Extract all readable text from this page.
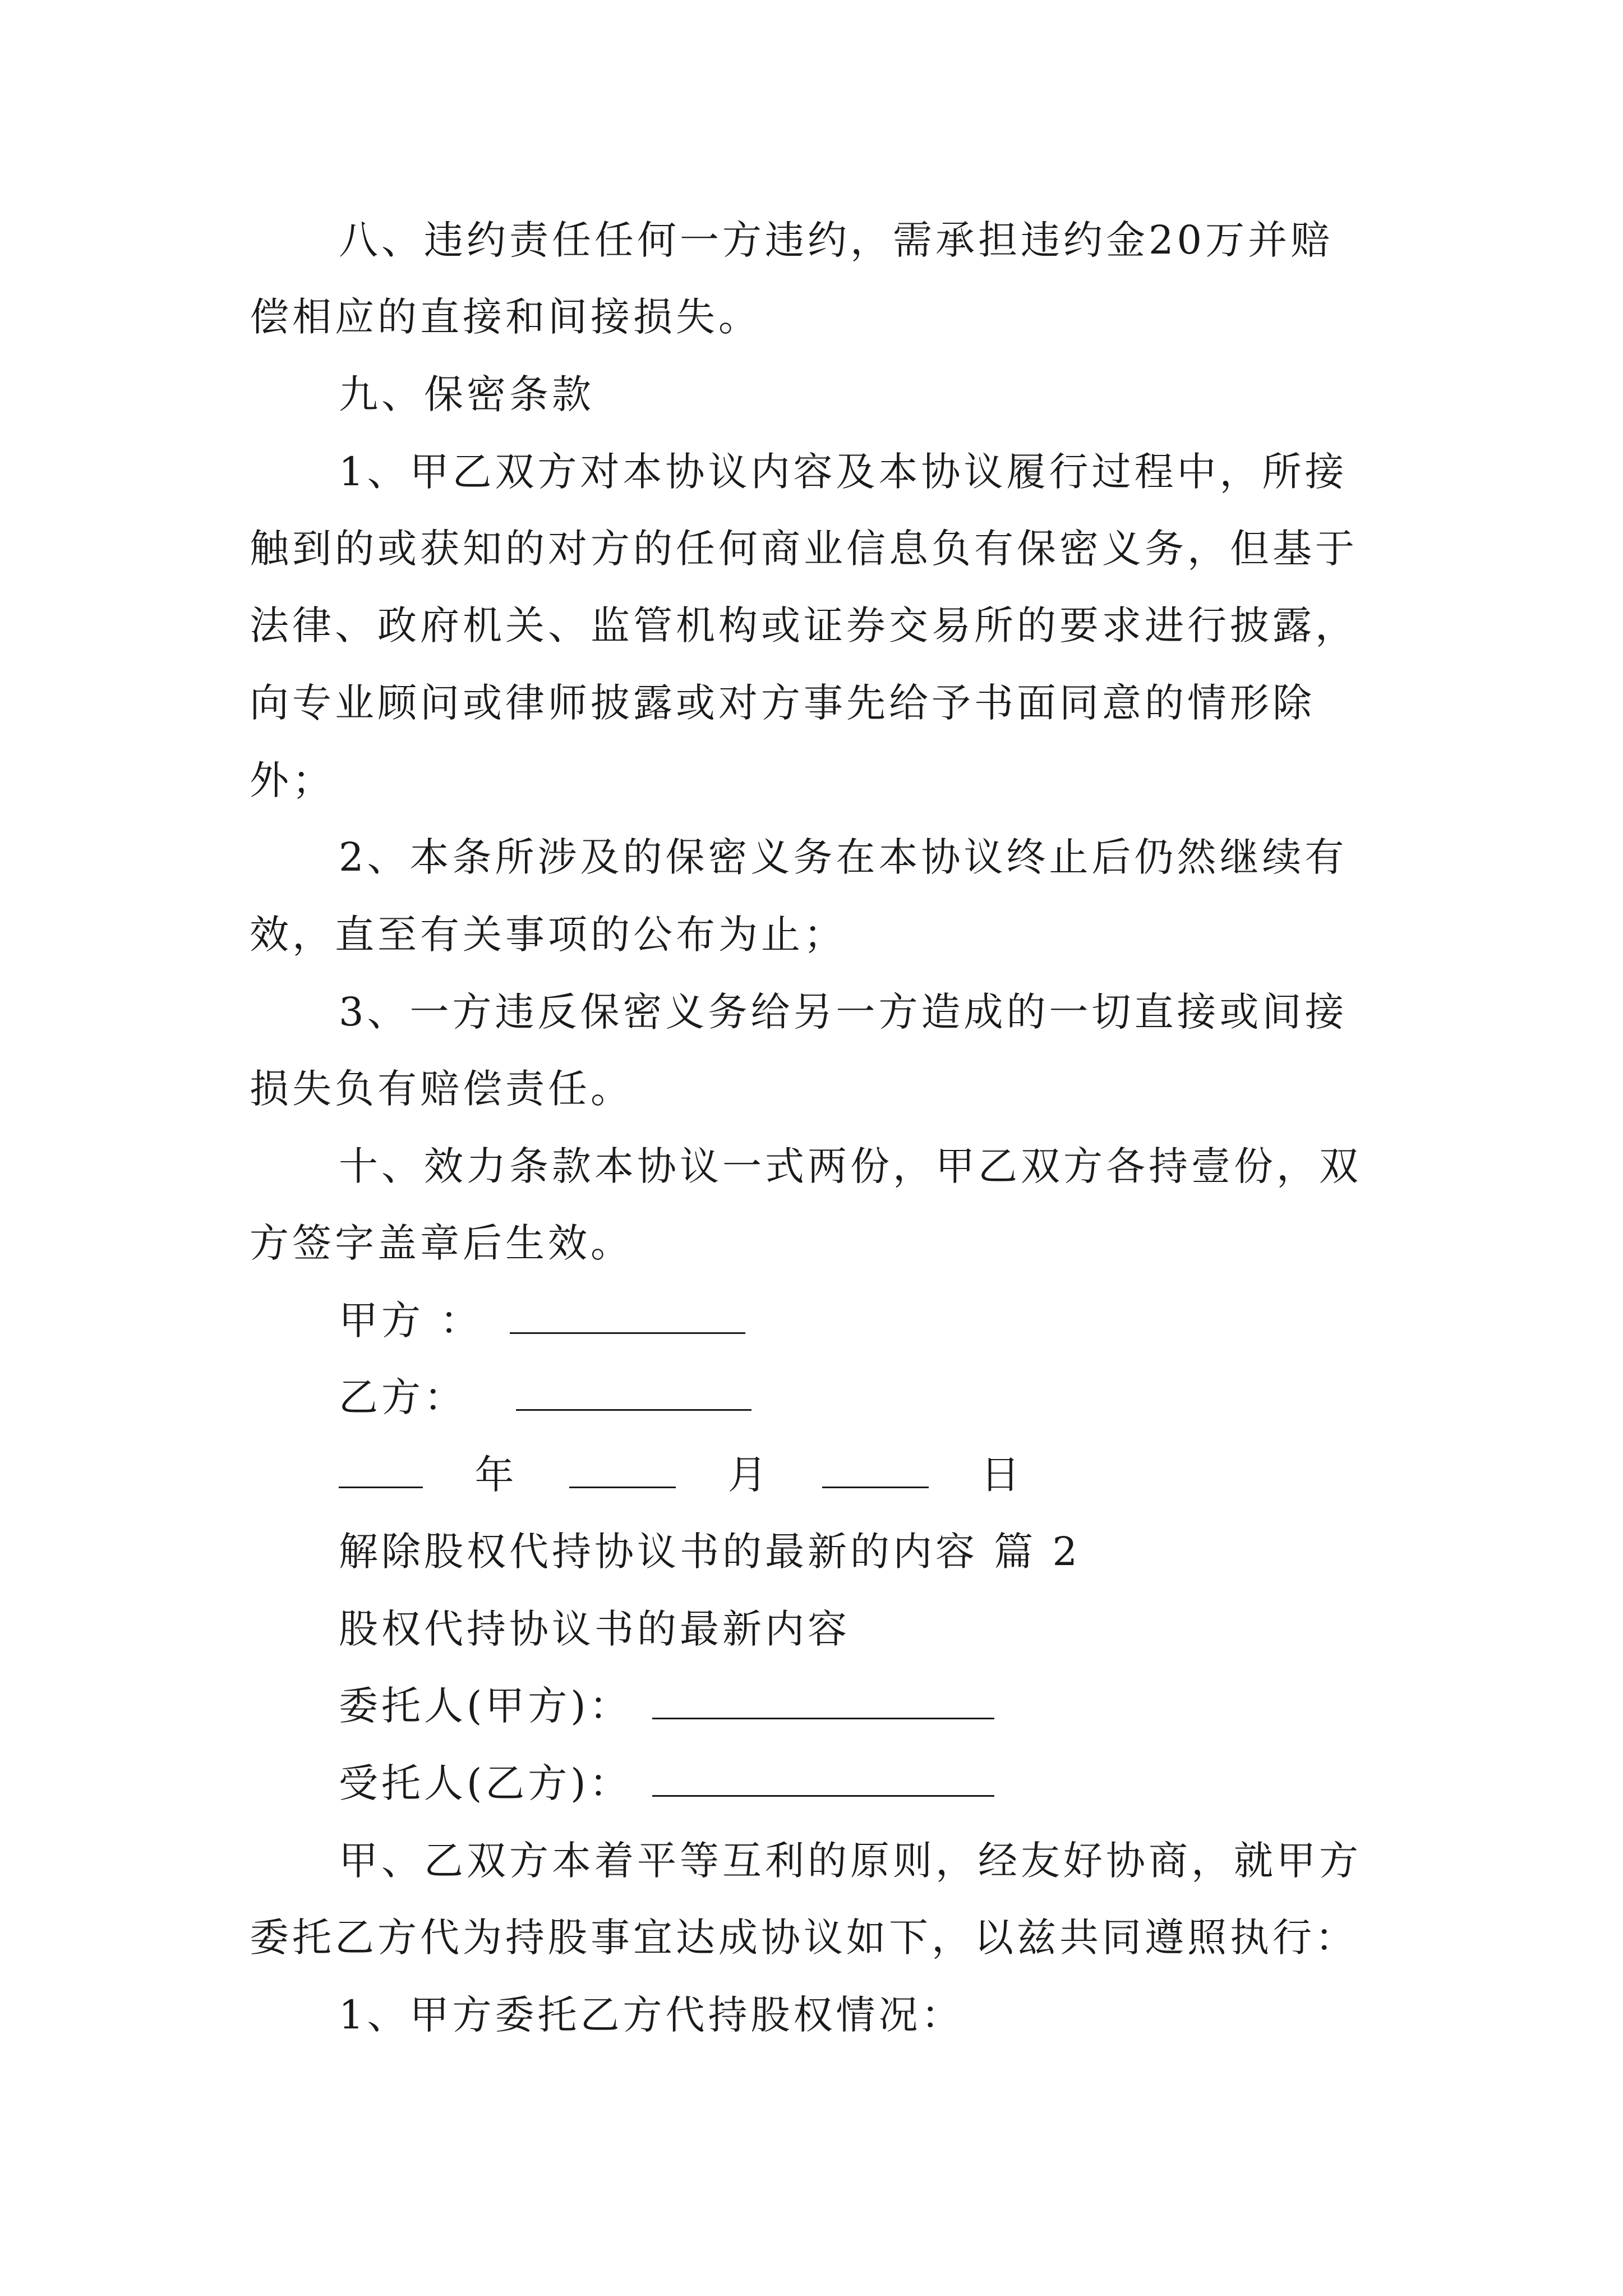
八、违约责任任何一方违约，需承担违约金20万并赔
偿相应的直接和间接损失。
九、保密条款
1、甲乙双方对本协议内容及本协议履行过程中，所接
触到的或获知的对方的任何商业信息负有保密义务，但基于
法律、政府机关、监管机构或证券交易所的要求进行披露，
向专业顾问或律师披露或对方事先给予书面同意的情形除
外；
2、本条所涉及的保密义务在本协议终止后仍然继续有
效，直至有关事项的公布为止；
3、一方违反保密义务给另一方造成的一切直接或间接
损失负有赔偿责任。
十、效力条款本协议一式两份，甲乙双方各持壹份，双
方签字盖章后生效。
甲方 ：
乙方：
年	月	日
解除股权代持协议书的最新的内容 篇 2
股权代持协议书的最新内容
委托人(甲方)：
受托人(乙方)：
甲、乙双方本着平等互利的原则，经友好协商，就甲方
委托乙方代为持股事宜达成协议如下，以兹共同遵照执行：
1、甲方委托乙方代持股权情况：
